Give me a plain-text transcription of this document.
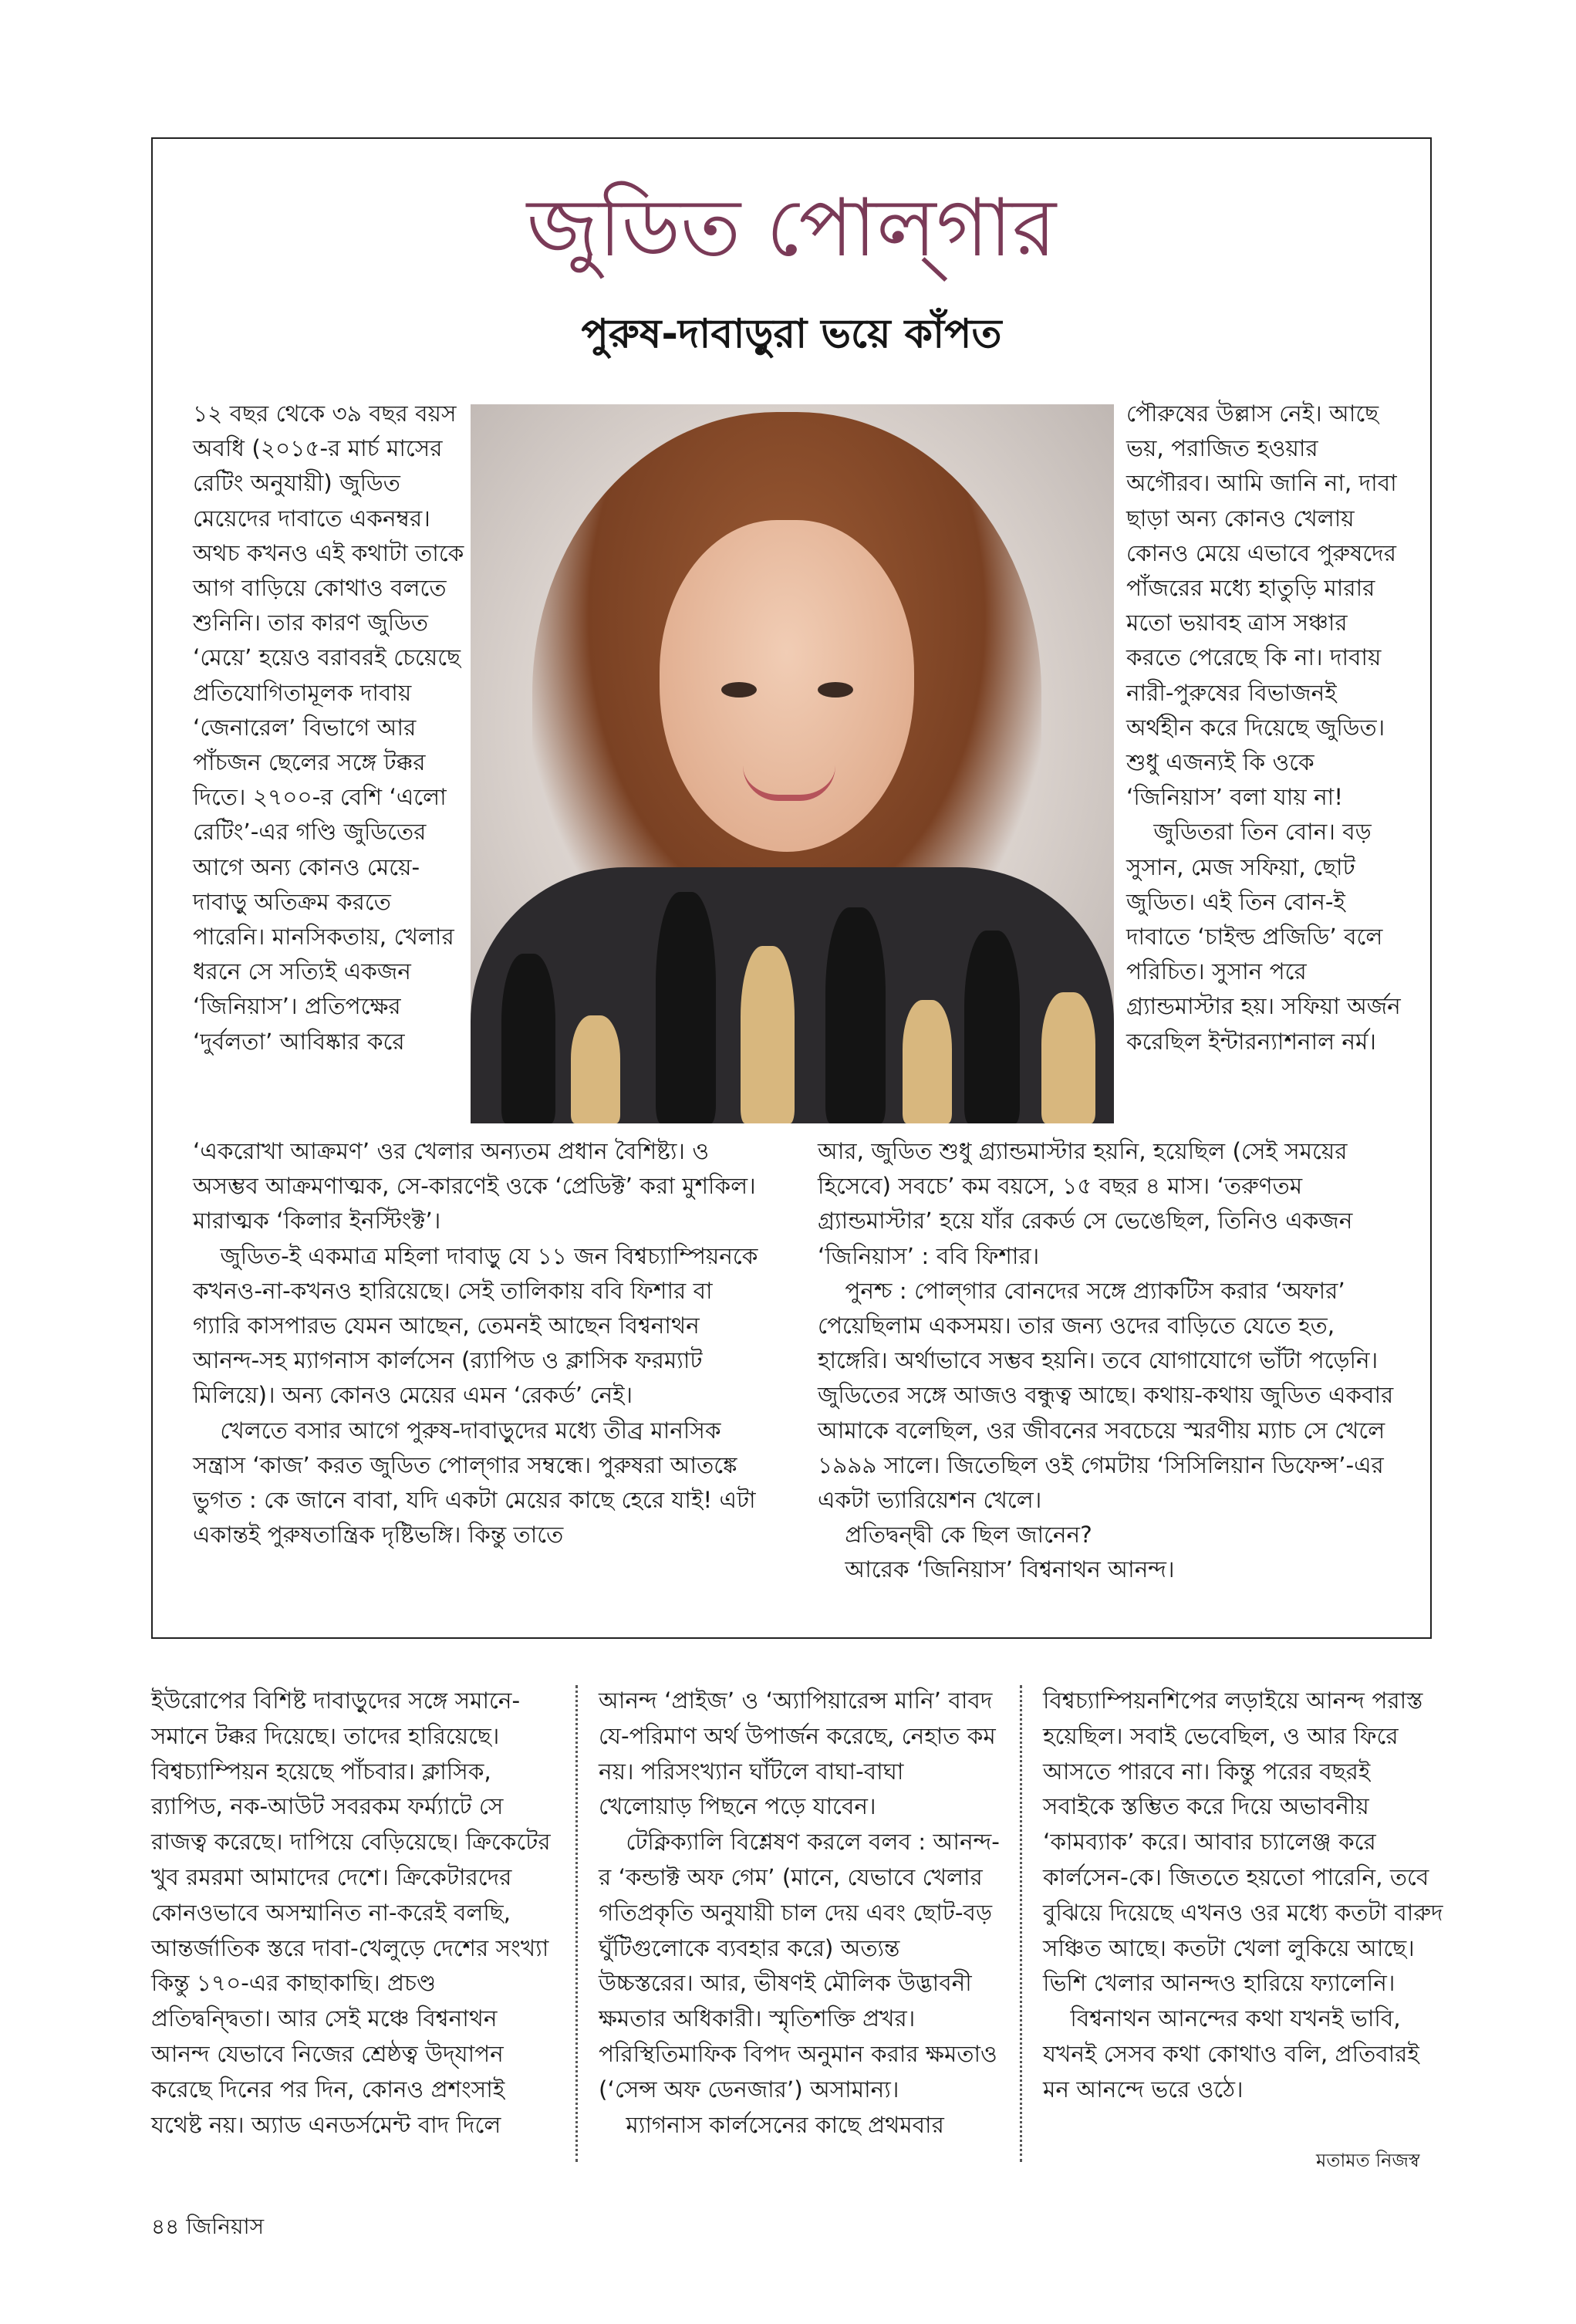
জুডিত পোল্‌গার
পুরুষ-দাবাড়ুরা ভয়ে কাঁপত

১২ বছর থেকে ৩৯ বছর বয়স অবধি (২০১৫-র মার্চ মাসের রেটিং অনুযায়ী) জুডিত মেয়েদের দাবাতে একনম্বর। অথচ কখনও এই কথাটা তাকে আগ বাড়িয়ে কোথাও বলতে শুনিনি। তার কারণ জুডিত ‘মেয়ে’ হয়েও বরাবরই চেয়েছে প্রতিযোগিতামূলক দাবায় ‘জেনারেল’ বিভাগে আর পাঁচজন ছেলের সঙ্গে টক্কর দিতে। ২৭০০-র বেশি ‘এলো রেটিং’-এর গণ্ডি জুডিতের আগে অন্য কোনও মেয়ে-দাবাড়ু অতিক্রম করতে পারেনি। মানসিকতায়, খেলার ধরনে সে সত্যিই একজন ‘জিনিয়াস’। প্রতিপক্ষের ‘দুর্বলতা’ আবিষ্কার করে

পৌরুষের উল্লাস নেই। আছে ভয়, পরাজিত হওয়ার অগৌরব। আমি জানি না, দাবা ছাড়া অন্য কোনও খেলায় কোনও মেয়ে এভাবে পুরুষদের পাঁজরের মধ্যে হাতুড়ি মারার মতো ভয়াবহ ত্রাস সঞ্চার করতে পেরেছে কি না। দাবায় নারী-পুরুষের বিভাজনই অর্থহীন করে দিয়েছে জুডিত। শুধু এজন্যই কি ওকে ‘জিনিয়াস’ বলা যায় না!

জুডিতরা তিন বোন। বড় সুসান, মেজ সফিয়া, ছোট জুডিত। এই তিন বোন-ই দাবাতে ‘চাইল্ড প্রজিডি’ বলে পরিচিত। সুসান পরে গ্র্যান্ডমাস্টার হয়। সফিয়া অর্জন করেছিল ইন্টারন্যাশনাল নর্ম।

‘একরোখা আক্রমণ’ ওর খেলার অন্যতম প্রধান বৈশিষ্ট্য। ও অসম্ভব আক্রমণাত্মক, সে-কারণেই ওকে ‘প্রেডিক্ট’ করা মুশকিল। মারাত্মক ‘কিলার ইনস্টিংক্ট’।

জুডিত-ই একমাত্র মহিলা দাবাড়ু যে ১১ জন বিশ্বচ্যাম্পিয়নকে কখনও-না-কখনও হারিয়েছে। সেই তালিকায় ববি ফিশার বা গ্যারি কাসপারভ যেমন আছেন, তেমনই আছেন বিশ্বনাথন আনন্দ-সহ ম্যাগনাস কার্লসেন (র‍্যাপিড ও ক্লাসিক ফরম্যাট মিলিয়ে)। অন্য কোনও মেয়ের এমন ‘রেকর্ড’ নেই।

খেলতে বসার আগে পুরুষ-দাবাড়ুদের মধ্যে তীব্র মানসিক সন্ত্রাস ‘কাজ’ করত জুডিত পোল্‌গার সম্বন্ধে। পুরুষরা আতঙ্কে ভুগত : কে জানে বাবা, যদি একটা মেয়ের কাছে হেরে যাই! এটা একান্তই পুরুষতান্ত্রিক দৃষ্টিভঙ্গি। কিন্তু তাতে

আর, জুডিত শুধু গ্র্যান্ডমাস্টার হয়নি, হয়েছিল (সেই সময়ের হিসেবে) সবচে’ কম বয়সে, ১৫ বছর ৪ মাস। ‘তরুণতম গ্র্যান্ডমাস্টার’ হয়ে যাঁর রেকর্ড সে ভেঙেছিল, তিনিও একজন ‘জিনিয়াস’ : ববি ফিশার।

পুনশ্চ : পোল্‌গার বোনদের সঙ্গে প্র্যাকটিস করার ‘অফার’ পেয়েছিলাম একসময়। তার জন্য ওদের বাড়িতে যেতে হত, হাঙ্গেরি। অর্থাভাবে সম্ভব হয়নি। তবে যোগাযোগে ভাঁটা পড়েনি। জুডিতের সঙ্গে আজও বন্ধুত্ব আছে। কথায়-কথায় জুডিত একবার আমাকে বলেছিল, ওর জীবনের সবচেয়ে স্মরণীয় ম্যাচ সে খেলে ১৯৯৯ সালে। জিতেছিল ওই গেমটায় ‘সিসিলিয়ান ডিফেন্স’-এর একটা ভ্যারিয়েশন খেলে।

প্রতিদ্বন্দ্বী কে ছিল জানেন?

আরেক ‘জিনিয়াস’ বিশ্বনাথন আনন্দ।

ইউরোপের বিশিষ্ট দাবাড়ুদের সঙ্গে সমানে-সমানে টক্কর দিয়েছে। তাদের হারিয়েছে। বিশ্বচ্যাম্পিয়ন হয়েছে পাঁচবার। ক্লাসিক, র‍্যাপিড, নক-আউট সবরকম ফর্ম্যাটে সে রাজত্ব করেছে। দাপিয়ে বেড়িয়েছে। ক্রিকেটের খুব রমরমা আমাদের দেশে। ক্রিকেটারদের কোনওভাবে অসম্মানিত না-করেই বলছি, আন্তর্জাতিক স্তরে দাবা-খেলুড়ে দেশের সংখ্যা কিন্তু ১৭০-এর কাছাকাছি। প্রচণ্ড প্রতিদ্বন্দ্বিতা। আর সেই মঞ্চে বিশ্বনাথন আনন্দ যেভাবে নিজের শ্রেষ্ঠত্ব উদ্‌যাপন করেছে দিনের পর দিন, কোনও প্রশংসাই যথেষ্ট নয়। অ্যাড এনডর্সমেন্ট বাদ দিলে

আনন্দ ‘প্রাইজ’ ও ‘অ্যাপিয়ারেন্স মানি’ বাবদ যে-পরিমাণ অর্থ উপার্জন করেছে, নেহাত কম নয়। পরিসংখ্যান ঘাঁটলে বাঘা-বাঘা খেলোয়াড় পিছনে পড়ে যাবেন।

টেক্নিক্যালি বিশ্লেষণ করলে বলব : আনন্দ-র ‘কন্ডাক্ট অফ গেম’ (মানে, যেভাবে খেলার গতিপ্রকৃতি অনুযায়ী চাল দেয় এবং ছোট-বড় ঘুঁটিগুলোকে ব্যবহার করে) অত্যন্ত উচ্চস্তরের। আর, ভীষণই মৌলিক উদ্ভাবনী ক্ষমতার অধিকারী। স্মৃতিশক্তি প্রখর। পরিস্থিতিমাফিক বিপদ অনুমান করার ক্ষমতাও (‘সেন্স অফ ডেনজার’) অসামান্য।

ম্যাগনাস কার্লসেনের কাছে প্রথমবার

বিশ্বচ্যাম্পিয়নশিপের লড়াইয়ে আনন্দ পরাস্ত হয়েছিল। সবাই ভেবেছিল, ও আর ফিরে আসতে পারবে না। কিন্তু পরের বছরই সবাইকে স্তম্ভিত করে দিয়ে অভাবনীয় ‘কামব্যাক’ করে। আবার চ্যালেঞ্জ করে কার্লসেন-কে। জিততে হয়তো পারেনি, তবে বুঝিয়ে দিয়েছে এখনও ওর মধ্যে কতটা বারুদ সঞ্চিত আছে। কতটা খেলা লুকিয়ে আছে। ভিশি খেলার আনন্দও হারিয়ে ফ্যালেনি।

বিশ্বনাথন আনন্দের কথা যখনই ভাবি, যখনই সেসব কথা কোথাও বলি, প্রতিবারই মন আনন্দে ভরে ওঠে।

মতামত নিজস্ব
৪৪ জিনিয়াস
